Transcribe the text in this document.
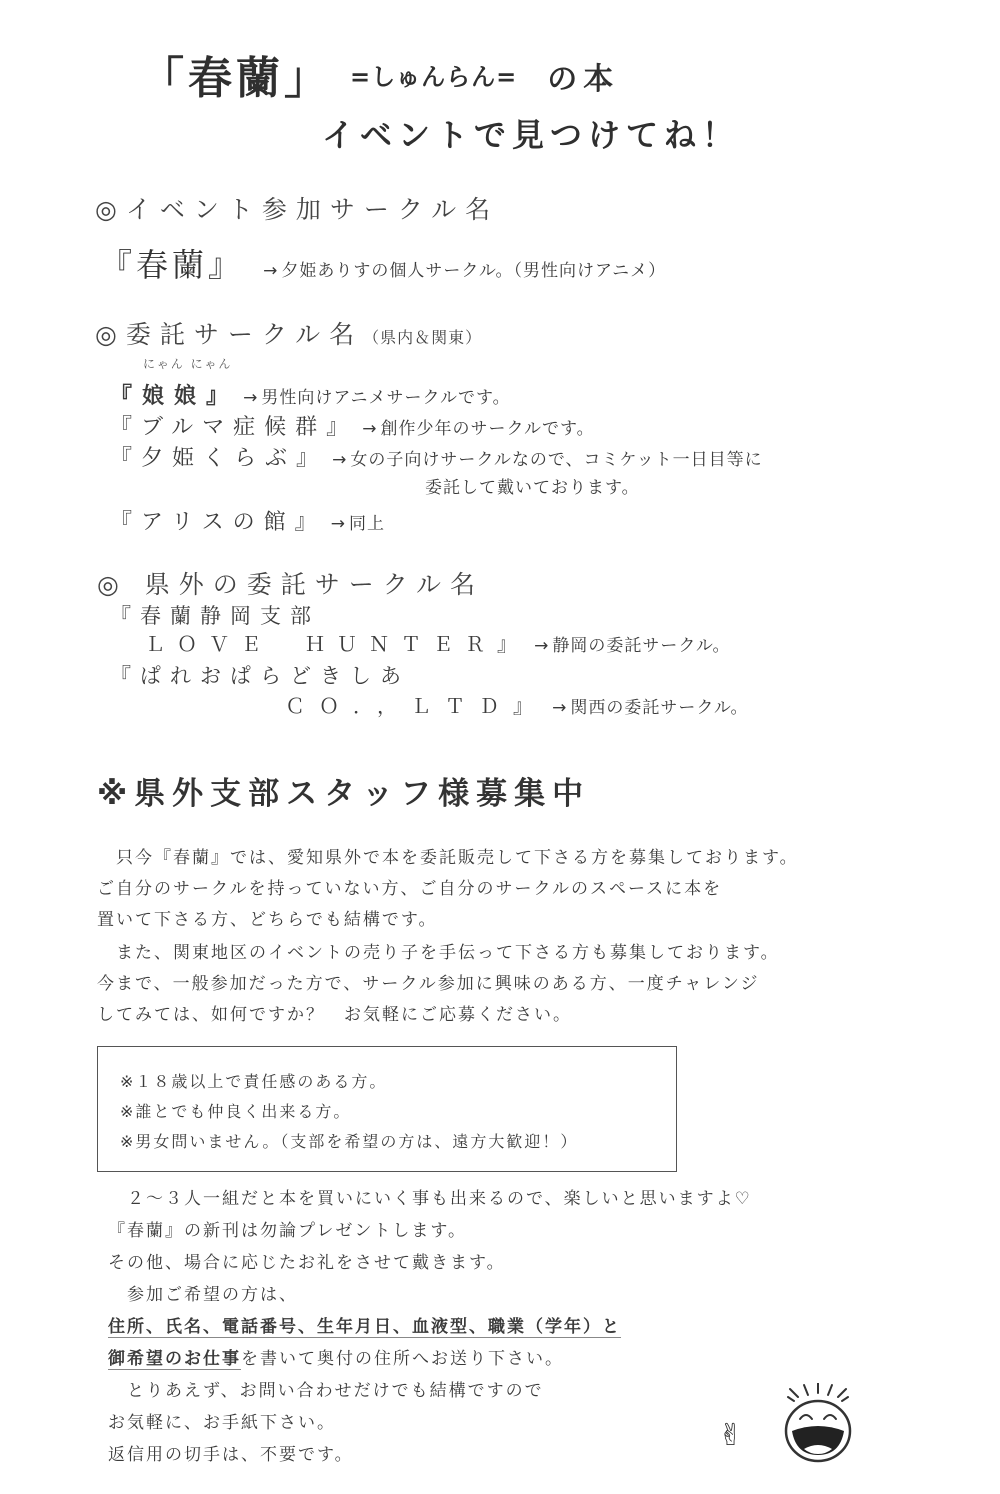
「春蘭」 =しゅんらん= の本
イベントで見つけてね！
◎イベント参加サークル名
『春蘭』 → 夕姫ありすの個人サークル。（男性向けアニメ）
◎委託サークル名（県内＆関東）
にゃん にゃん
『娘娘』 → 男性向けアニメサークルです。
『ブルマ症候群』 → 創作少年のサークルです。
『夕姫くらぶ』 → 女の子向けサークルなので、コミケット一日目等に
委託して戴いております。
『アリスの館』 → 同上
◎ 県外の委託サークル名
『春蘭静岡支部
ＬＯＶＥ　ＨＵＮＴＥＲ』 → 静岡の委託サークル。
『ぱれおぱらどきしあ
ＣＯ．，ＬＴＤ』 → 関西の委託サークル。
※県外支部スタッフ様募集中

　只今『春蘭』では、愛知県外で本を委託販売して下さる方を募集しております。

ご自分のサークルを持っていない方、ご自分のサークルのスペースに本を

置いて下さる方、どちらでも結構です。

　また、関東地区のイベントの売り子を手伝って下さる方も募集しております。

今まで、一般参加だった方で、サークル参加に興味のある方、一度チャレンジ

してみては、如何ですか？　お気軽にご応募ください。

※１８歳以上で責任感のある方。

※誰とでも仲良く出来る方。

※男女問いません。（支部を希望の方は、遠方大歓迎！）

　２～３人一組だと本を買いにいく事も出来るので、楽しいと思いますよ♡

『春蘭』の新刊は勿論プレゼントします。

その他、場合に応じたお礼をさせて戴きます。

　参加ご希望の方は、

住所、氏名、電話番号、生年月日、血液型、職業（学年）と

御希望のお仕事を書いて奥付の住所へお送り下さい。

　とりあえず、お問い合わせだけでも結構ですので

お気軽に、お手紙下さい。

返信用の切手は、不要です。

✌
